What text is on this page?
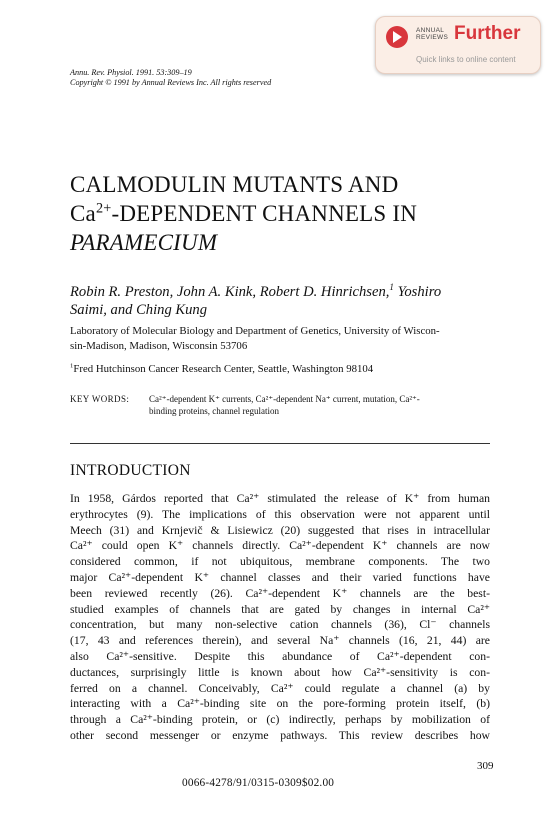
ANNUAL
REVIEWS Further
Quick links to online content
Annu. Rev. Physiol. 1991. 53:309–19
Copyright © 1991 by Annual Reviews Inc. All rights reserved
CALMODULIN MUTANTS AND
$Ca^{2+}$-DEPENDENT CHANNELS IN
PARAMECIUM
Robin R. Preston, John A. Kink, Robert D. Hinrichsen,$^1$ Yoshiro
Saimi, and Ching Kung
Laboratory of Molecular Biology and Department of Genetics, University of Wiscon-
sin-Madison, Madison, Wisconsin 53706
$^1$Fred Hutchinson Cancer Research Center, Seattle, Washington 98104
KEY WORDS: Ca²⁺-dependent K⁺ currents, Ca²⁺-dependent Na⁺ current, mutation, Ca²⁺-
binding proteins, channel regulation
INTRODUCTION
In 1958, Gárdos reported that Ca²⁺ stimulated the release of K⁺ from human
erythrocytes (9). The implications of this observation were not apparent until
Meech (31) and Krnjevič & Lisiewicz (20) suggested that rises in intracellular
Ca²⁺ could open K⁺ channels directly. Ca²⁺-dependent K⁺ channels are now
considered common, if not ubiquitous, membrane components. The two
major Ca²⁺-dependent K⁺ channel classes and their varied functions have
been reviewed recently (26). Ca²⁺-dependent K⁺ channels are the best-
studied examples of channels that are gated by changes in internal Ca²⁺
concentration, but many non-selective cation channels (36), Cl⁻ channels
(17, 43 and references therein), and several Na⁺ channels (16, 21, 44) are
also Ca²⁺-sensitive. Despite this abundance of Ca²⁺-dependent con-
ductances, surprisingly little is known about how Ca²⁺-sensitivity is con-
ferred on a channel. Conceivably, Ca²⁺ could regulate a channel (a) by
interacting with a Ca²⁺-binding site on the pore-forming protein itself, (b)
through a Ca²⁺-binding protein, or (c) indirectly, perhaps by mobilization of
other second messenger or enzyme pathways. This review describes how
309
0066-4278/91/0315-0309$02.00
